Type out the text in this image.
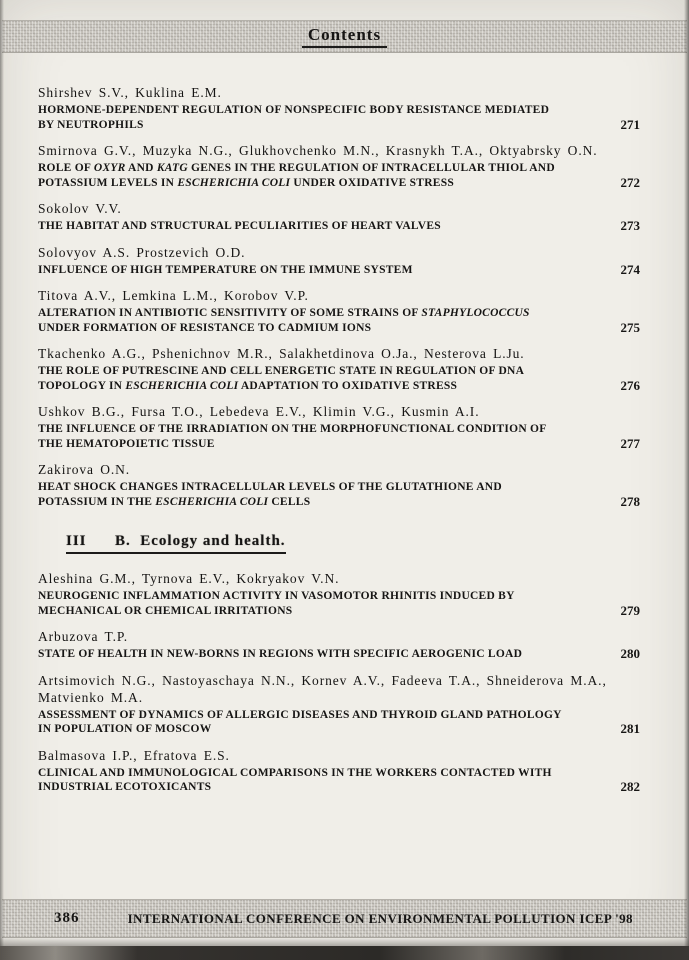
Contents
Shirshev S.V., Kuklina E.M.
HORMONE-DEPENDENT REGULATION OF NONSPECIFIC BODY RESISTANCE MEDIATED BY NEUTROPHILS	271
Smirnova G.V., Muzyka N.G., Glukhovchenko M.N., Krasnykh T.A., Oktyabrsky O.N.
ROLE OF OXYR AND KATG GENES IN THE REGULATION OF INTRACELLULAR THIOL AND POTASSIUM LEVELS IN ESCHERICHIA COLI UNDER OXIDATIVE STRESS	272
Sokolov V.V.
THE HABITAT AND STRUCTURAL PECULIARITIES OF HEART VALVES	273
Solovyov A.S. Prostzevich O.D.
INFLUENCE OF HIGH TEMPERATURE ON THE IMMUNE SYSTEM	274
Titova A.V., Lemkina L.M., Korobov V.P.
ALTERATION IN ANTIBIOTIC SENSITIVITY OF SOME STRAINS OF STAPHYLOCOCCUS UNDER FORMATION OF RESISTANCE TO CADMIUM IONS	275
Tkachenko A.G., Pshenichnov M.R., Salakhetdinova O.Ja., Nesterova L.Ju.
THE ROLE OF PUTRESCINE AND CELL ENERGETIC STATE IN REGULATION OF DNA TOPOLOGY IN ESCHERICHIA COLI ADAPTATION TO OXIDATIVE STRESS	276
Ushkov B.G., Fursa T.O., Lebedeva E.V., Klimin V.G., Kusmin A.I.
THE INFLUENCE OF THE IRRADIATION ON THE MORPHOFUNCTIONAL CONDITION OF THE HEMATOPOIETIC TISSUE	277
Zakirova O.N.
HEAT SHOCK CHANGES INTRACELLULAR LEVELS OF THE GLUTATHIONE AND POTASSIUM IN THE ESCHERICHIA COLI CELLS	278
III      B.  Ecology and health.
Aleshina G.M., Tyrnova E.V., Kokryakov V.N.
NEUROGENIC INFLAMMATION ACTIVITY IN VASOMOTOR RHINITIS INDUCED BY MECHANICAL OR CHEMICAL IRRITATIONS	279
Arbuzova T.P.
STATE OF HEALTH IN NEW-BORNS IN REGIONS WITH SPECIFIC AEROGENIC LOAD	280
Artsimovich N.G., Nastoyaschaya N.N., Kornev A.V., Fadeeva T.A., Shneiderova M.A., Matvienko M.A.
ASSESSMENT OF DYNAMICS OF ALLERGIC DISEASES AND THYROID GLAND PATHOLOGY IN POPULATION OF MOSCOW	281
Balmasova I.P., Efratova E.S.
CLINICAL AND IMMUNOLOGICAL COMPARISONS IN THE WORKERS CONTACTED WITH INDUSTRIAL ECOTOXICANTS	282
386	INTERNATIONAL CONFERENCE ON ENVIRONMENTAL POLLUTION ICEP '98
